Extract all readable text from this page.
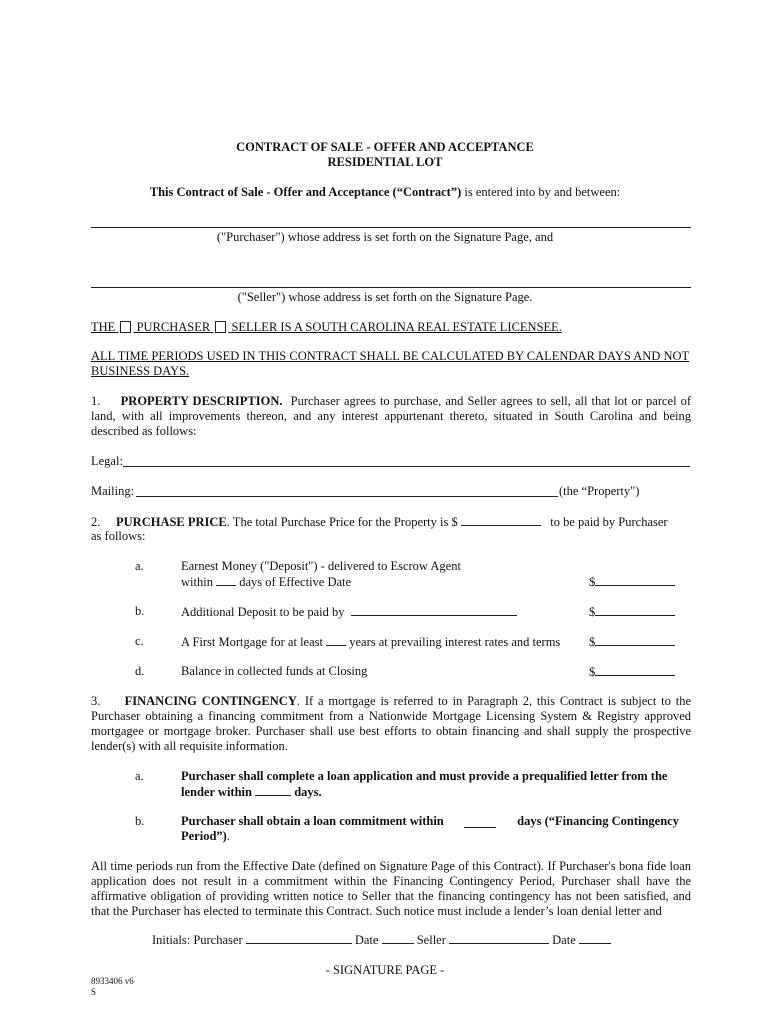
CONTRACT OF SALE - OFFER AND ACCEPTANCE
RESIDENTIAL LOT
This Contract of Sale - Offer and Acceptance (“Contract”) is entered into by and between:
("Purchaser") whose address is set forth on the Signature Page, and
("Seller") whose address is set forth on the Signature Page.
THE PURCHASER SELLER IS A SOUTH CAROLINA REAL ESTATE LICENSEE.
ALL TIME PERIODS USED IN THIS CONTRACT SHALL BE CALCULATED BY CALENDAR DAYS AND NOT BUSINESS DAYS.
1. PROPERTY DESCRIPTION. Purchaser agrees to purchase, and Seller agrees to sell, all that lot or parcel of land, with all improvements thereon, and any interest appurtenant thereto, situated in South Carolina and being described as follows:
Legal:
Mailing:	(the “Property")
2. PURCHASE PRICE. The total Purchase Price for the Property is $	to be paid by Purchaser
as follows:
a.	Earnest Money ("Deposit") - delivered to Escrow Agent
within days of Effective Date	$
b.	Additional Deposit to be paid by	$
c.	A First Mortgage for at least years at prevailing interest rates and terms $
d.	Balance in collected funds at Closing	$
3. FINANCING CONTINGENCY. If a mortgage is referred to in Paragraph 2, this Contract is subject to the Purchaser obtaining a financing commitment from a Nationwide Mortgage Licensing System & Registry approved mortgagee or mortgage broker. Purchaser shall use best efforts to obtain financing and shall supply the prospective lender(s) with all requisite information.
a.	Purchaser shall complete a loan application and must provide a prequalified letter from the
lender within	days.
b.	Purchaser shall obtain a loan commitment within	days (“Financing Contingency
Period”).
All time periods run from the Effective Date (defined on Signature Page of this Contract). If Purchaser's bona fide loan application does not result in a commitment within the Financing Contingency Period, Purchaser shall have the affirmative obligation of providing written notice to Seller that the financing contingency has not been satisfied, and that the Purchaser has elected to terminate this Contract. Such notice must include a lender’s loan denial letter and
Initials: Purchaser	Date	Seller	Date
- SIGNATURE PAGE -
8933406 v6
S
